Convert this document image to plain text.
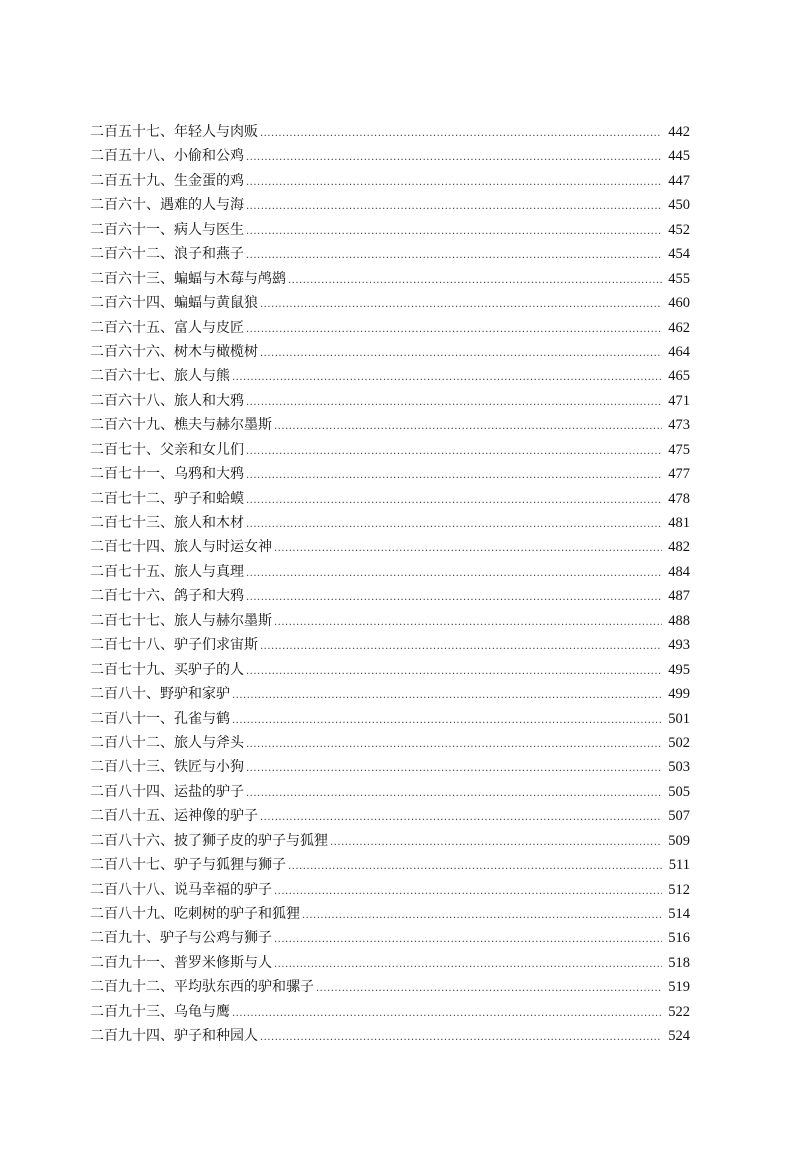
二百五十七、年轻人与肉贩 .....	442
二百五十八、小偷和公鸡 .....	445
二百五十九、生金蛋的鸡 .....	447
二百六十、遇难的人与海 .....	450
二百六十一、病人与医生 .....	452
二百六十二、浪子和燕子 .....	454
二百六十三、蝙蝠与木莓与鸬鹚 .....	455
二百六十四、蝙蝠与黄鼠狼 .....	460
二百六十五、富人与皮匠 .....	462
二百六十六、树木与橄榄树 .....	464
二百六十七、旅人与熊 .....	465
二百六十八、旅人和大鸦 .....	471
二百六十九、樵夫与赫尔墨斯 .....	473
二百七十、父亲和女儿们 .....	475
二百七十一、乌鸦和大鸦 .....	477
二百七十二、驴子和蛤蟆 .....	478
二百七十三、旅人和木材 .....	481
二百七十四、旅人与时运女神 .....	482
二百七十五、旅人与真理 .....	484
二百七十六、鸽子和大鸦 .....	487
二百七十七、旅人与赫尔墨斯 .....	488
二百七十八、驴子们求宙斯 .....	493
二百七十九、买驴子的人 .....	495
二百八十、野驴和家驴 .....	499
二百八十一、孔雀与鹤 .....	501
二百八十二、旅人与斧头 .....	502
二百八十三、铁匠与小狗 .....	503
二百八十四、运盐的驴子 .....	505
二百八十五、运神像的驴子 .....	507
二百八十六、披了狮子皮的驴子与狐狸 .....	509
二百八十七、驴子与狐狸与狮子 .....	511
二百八十八、说马幸福的驴子 .....	512
二百八十九、吃刺树的驴子和狐狸 .....	514
二百九十、驴子与公鸡与狮子 .....	516
二百九十一、普罗米修斯与人 .....	518
二百九十二、平均驮东西的驴和骡子 .....	519
二百九十三、乌龟与鹰 .....	522
二百九十四、驴子和种园人 .....	524
